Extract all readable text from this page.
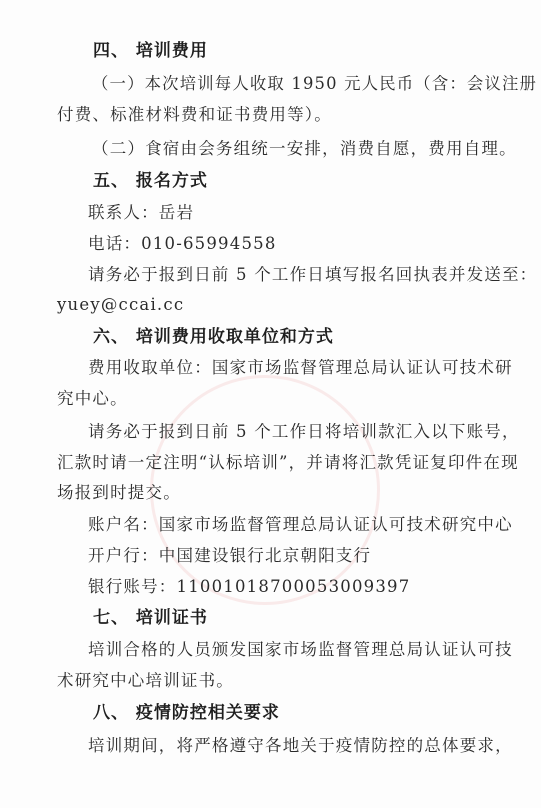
四、 培训费用
（一）本次培训每人收取 1950 元人民币（含：会议注册
付费、标准材料费和证书费用等）。
（二）食宿由会务组统一安排，消费自愿，费用自理。
五、 报名方式
联系人：岳岩
电话：010-65994558
请务必于报到日前 5 个工作日填写报名回执表并发送至：
yuey@ccai.cc
六、 培训费用收取单位和方式
费用收取单位：国家市场监督管理总局认证认可技术研
究中心。
请务必于报到日前 5 个工作日将培训款汇入以下账号，
汇款时请一定注明“认标培训”，并请将汇款凭证复印件在现
场报到时提交。
账户名：国家市场监督管理总局认证认可技术研究中心
开户行：中国建设银行北京朝阳支行
银行账号：11001018700053009397
七、 培训证书
培训合格的人员颁发国家市场监督管理总局认证认可技
术研究中心培训证书。
八、 疫情防控相关要求
培训期间，将严格遵守各地关于疫情防控的总体要求，
